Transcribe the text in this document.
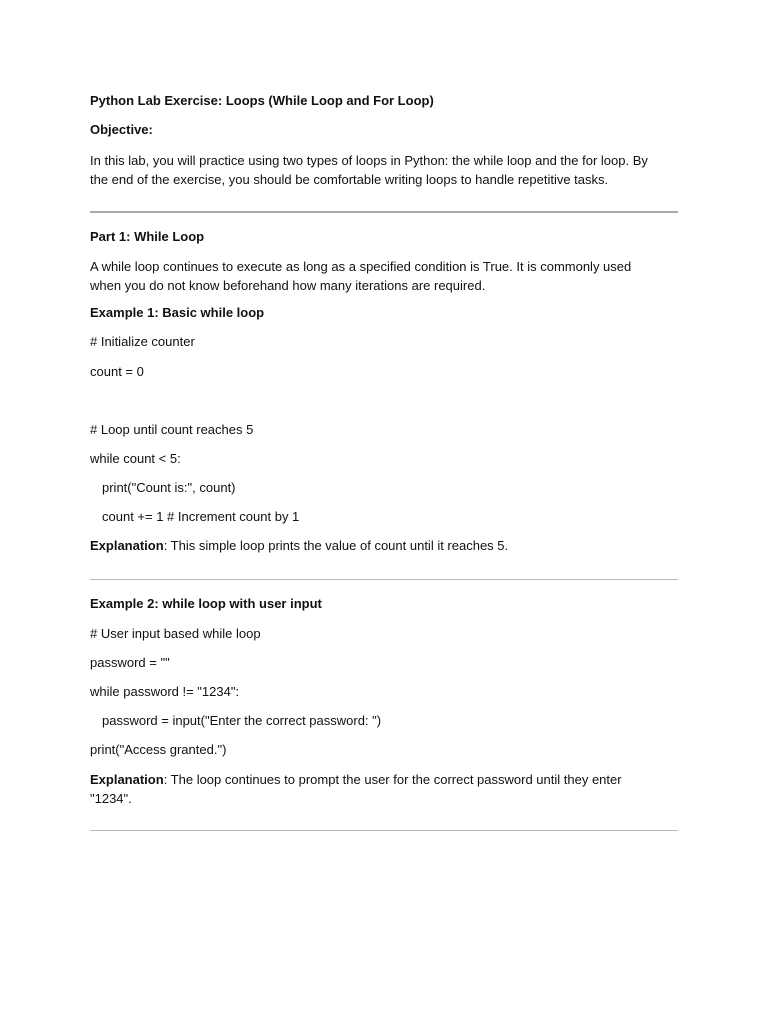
Python Lab Exercise: Loops (While Loop and For Loop)

Objective:

In this lab, you will practice using two types of loops in Python: the while loop and the for loop. By the end of the exercise, you should be comfortable writing loops to handle repetitive tasks.

Part 1: While Loop

A while loop continues to execute as long as a specified condition is True. It is commonly used when you do not know beforehand how many iterations are required.

Example 1: Basic while loop

# Initialize counter

count = 0

# Loop until count reaches 5

while count < 5:

print("Count is:", count)

count += 1 # Increment count by 1

Explanation: This simple loop prints the value of count until it reaches 5.

Example 2: while loop with user input

# User input based while loop

password = ""

while password != "1234":

password = input("Enter the correct password: ")

print("Access granted.")

Explanation: The loop continues to prompt the user for the correct password until they enter "1234".
